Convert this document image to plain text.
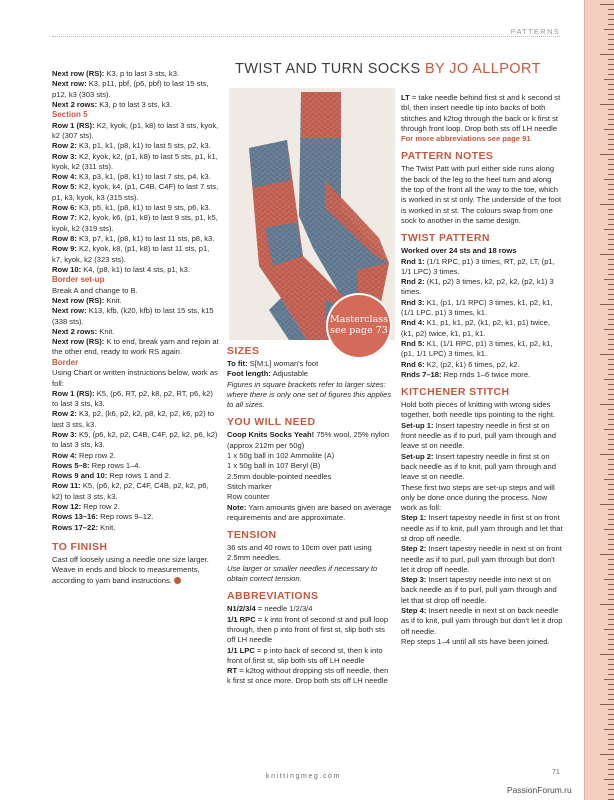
PATTERNS

Next row (RS): K3, p to last 3 sts, k3.

Next row: K3, p11, pbf, (p6, pbf) to last 15 sts, p12, k3 (303 sts).

Next 2 rows: K3, p to last 3 sts, k3.

Section 5

Row 1 (RS): K2, kyok, (p1, k8) to last 3 sts, kyok, k2 (307 sts).

Row 2: K3, p1, k1, (p8, k1) to last 5 sts, p2, k3.

Row 3: K2, kyok, k2, (p1, k8) to last 5 sts, p1, k1, kyok, k2 (311 sts).

Row 4: K3, p3, k1, (p8, k1) to last 7 sts, p4, k3.

Row 5: K2, kyok, k4, (p1, C4B, C4F) to last 7 sts, p1, k3, kyok, k3 (315 sts).

Row 6: K3, p5, k1, (p8, k1) to last 9 sts, p6, k3.

Row 7: K2, kyok, k6, (p1, k8) to last 9 sts, p1, k5, kyok, k2 (319 sts).

Row 8: K3, p7, k1, (p8, k1) to last 11 sts, p8, k3.

Row 9: K2, kyok, k8, (p1, k8) to last 11 sts, p1, k7, kyok, k2 (323 sts).

Row 10: K4, (p8, k1) to last 4 sts, p1, k3.

Border set-up

Break A and change to B.

Next row (RS): Knit.

Next row: K13, kfb, (k20, kfb) to last 15 sts, k15 (338 sts).

Next 2 rows: Knit.

Next row (RS): K to end, break yarn and rejoin at the other end, ready to work RS again.

Border

Using Chart or written instructions below, work as foll:

Row 1 (RS): K5, (p6, RT, p2, k8, p2, RT, p6, k2) to last 3 sts, k3.

Row 2: K3, p2, (k6, p2, k2, p8, k2, p2, k6, p2) to last 3 sts, k3.

Row 3: K5, (p6, k2, p2, C4B, C4F, p2, k2, p6, k2) to last 3 sts, k3.

Row 4: Rep row 2.

Rows 5–8: Rep rows 1–4.

Rows 9 and 10: Rep rows 1 and 2.

Row 11: K5, (p6, k2, p2, C4F, C4B, p2, k2, p6, k2) to last 3 sts, k3.

Row 12: Rep row 2.

Rows 13–16: Rep rows 9–12.

Rows 17–22: Knit.

TO FINISH

Cast off loosely using a needle one size larger. Weave in ends and block to measurements, according to yarn band instructions.

TWIST AND TURN SOCKS BY JO ALLPORT
Masterclass
see page 73
SIZES

To fit: S[M:L] woman's foot

Foot length: Adjustable

Figures in square brackets refer to larger sizes: where there is only one set of figures this applies to all sizes.

YOU WILL NEED

Coop Knits Socks Yeah! 75% wool, 25% nylon (approx 212m per 50g)

1 x 50g ball in 102 Ammolite (A)

1 x 50g ball in 107 Beryl (B)

2.5mm double-pointed needles

Stitch marker

Row counter

Note: Yarn amounts given are based on average requirements and are approximate.

TENSION

36 sts and 40 rows to 10cm over patt using 2.5mm needles.

Use larger or smaller needles if necessary to obtain correct tension.

ABBREVIATIONS

N1/2/3/4 = needle 1/2/3/4

1/1 RPC = k into front of second st and pull loop through, then p into front of first st, slip both sts off LH needle

1/1 LPC = p into back of second st, then k into front of first st, slip both sts off LH needle

RT = k2tog without dropping sts off needle, then k first st once more. Drop both sts off LH needle

LT = take needle behind first st and k second st tbl, then insert needle tip into backs of both stitches and k2tog through the back or k first st through front loop. Drop both sts off LH needle

For more abbreviations see page 91

PATTERN NOTES

The Twist Patt with purl either side runs along the back of the leg to the heel turn and along the top of the front all the way to the toe, which is worked in st st only. The underside of the foot is worked in st st. The colours swap from one sock to another in the same design.

TWIST PATTERN

Worked over 24 sts and 18 rows

Rnd 1: (1/1 RPC, p1) 3 times, RT, p2, LT, (p1, 1/1 LPC) 3 times.

Rnd 2: (K1, p2) 3 times, k2, p2, k2, (p2, k1) 3 times.

Rnd 3: K1, (p1, 1/1 RPC) 3 times, k1, p2, k1, (1/1 LPC, p1) 3 times, k1.

Rnd 4: K1, p1, k1, p2, (k1, p2, k1, p1) twice, (k1, p2) twice, k1, p1, k1.

Rnd 5: K1, (1/1 RPC, p1) 3 times, k1, p2, k1, (p1, 1/1 LPC) 3 times, k1.

Rnd 6: K2, (p2, k1) 6 times, p2, k2.

Rnds 7–18: Rep rnds 1–6 twice more.

KITCHENER STITCH

Hold both pieces of knitting with wrong sides together, both needle tips pointing to the right.

Set-up 1: Insert tapestry needle in first st on front needle as if to purl, pull yarn through and leave st on needle.

Set-up 2: Insert tapestry needle in first st on back needle as if to knit, pull yarn through and leave st on needle.

These first two steps are set-up steps and will only be done once during the process. Now work as foll:

Step 1: Insert tapestry needle in first st on front needle as if to knit, pull yarn through and let that st drop off needle.

Step 2: Insert tapestry needle in next st on front needle as if to purl, pull yarn through but don't let it drop off needle.

Step 3: Insert tapestry needle into next st on back needle as if to purl, pull yarn through and let that st drop off needle.

Step 4: Insert needle in next st on back needle as if to knit, pull yarn through but don't let it drop off needle.

Rep steps 1–4 until all sts have been joined.

knittingmeg.com
71
PassionForum.ru
